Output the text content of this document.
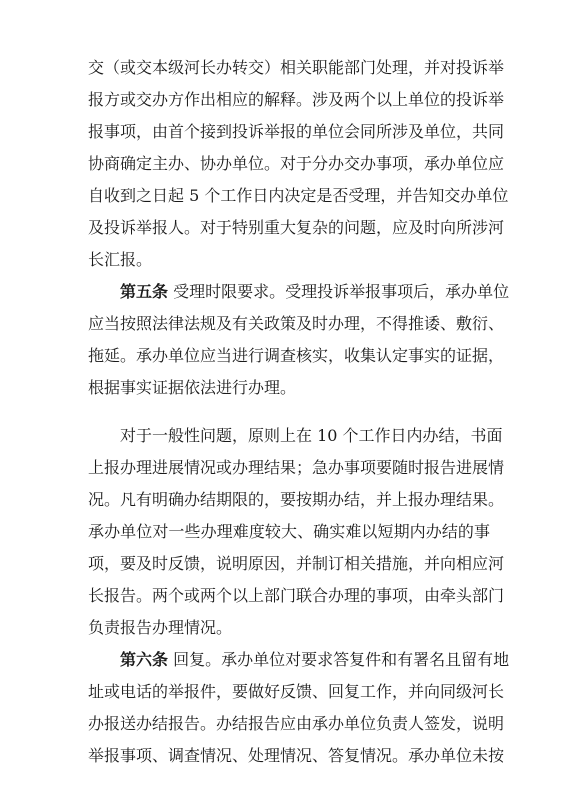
交（或交本级河长办转交）相关职能部门处理，并对投诉举
报方或交办方作出相应的解释。涉及两个以上单位的投诉举
报事项，由首个接到投诉举报的单位会同所涉及单位，共同
协商确定主办、协办单位。对于分办交办事项，承办单位应
自收到之日起 5 个工作日内决定是否受理，并告知交办单位
及投诉举报人。对于特别重大复杂的问题，应及时向所涉河
长汇报。
第五条 受理时限要求。受理投诉举报事项后，承办单位
应当按照法律法规及有关政策及时办理，不得推诿、敷衍、
拖延。承办单位应当进行调查核实，收集认定事实的证据，
根据事实证据依法进行办理。
对于一般性问题，原则上在 10 个工作日内办结，书面
上报办理进展情况或办理结果；急办事项要随时报告进展情
况。凡有明确办结期限的，要按期办结，并上报办理结果。
承办单位对一些办理难度较大、确实难以短期内办结的事
项，要及时反馈，说明原因，并制订相关措施，并向相应河
长报告。两个或两个以上部门联合办理的事项，由牵头部门
负责报告办理情况。
第六条 回复。承办单位对要求答复件和有署名且留有地
址或电话的举报件，要做好反馈、回复工作，并向同级河长
办报送办结报告。办结报告应由承办单位负责人签发，说明
举报事项、调查情况、处理情况、答复情况。承办单位未按
